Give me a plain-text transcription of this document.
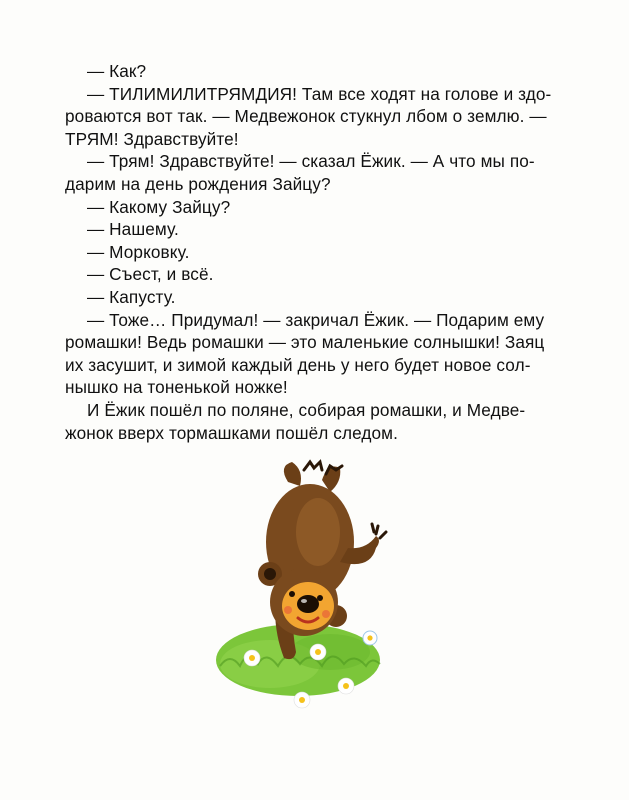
— Как?
— ТИЛИМИЛИТРЯМДИЯ! Там все ходят на голове и здо-
роваются вот так. — Медвежонок стукнул лбом о землю. —
ТРЯМ! Здравствуйте!
— Трям! Здравствуйте! — сказал Ёжик. — А что мы по-
дарим на день рождения Зайцу?
— Какому Зайцу?
— Нашему.
— Морковку.
— Съест, и всё.
— Капусту.
— Тоже… Придумал! — закричал Ёжик. — Подарим ему
ромашки! Ведь ромашки — это маленькие солнышки! Заяц
их засушит, и зимой каждый день у него будет новое сол-
нышко на тоненькой ножке!
И Ёжик пошёл по поляне, собирая ромашки, и Медве-
жонок вверх тормашками пошёл следом.
